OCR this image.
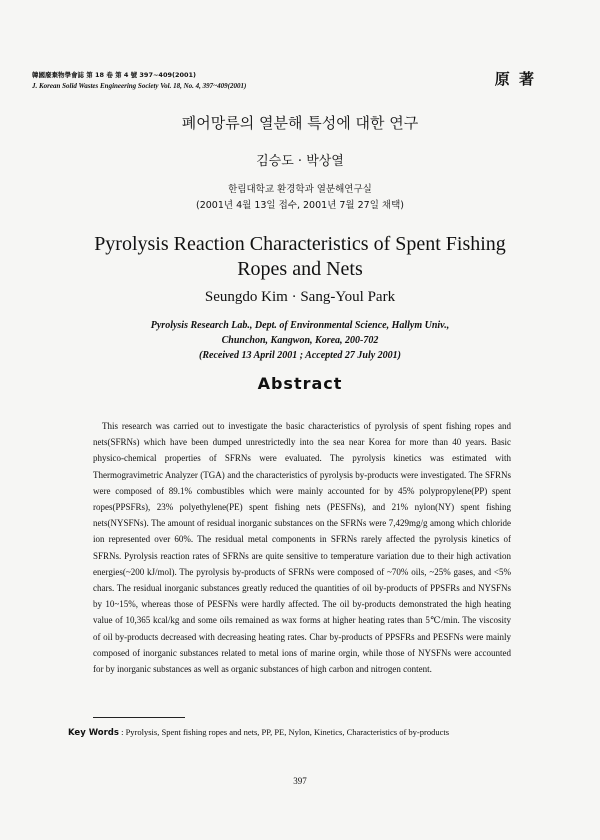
韓國廢棄物學會誌 第 18 卷 第 4 號 397~409(2001)
J. Korean Solid Wastes Engineering Society Vol. 18, No. 4, 397~409(2001)	原 著
폐어망류의 열분해 특성에 대한 연구
김승도 · 박상열
한림대학교 환경학과 열분해연구실
(2001년 4월 13일 접수, 2001년 7월 27일 채택)
Pyrolysis Reaction Characteristics of Spent Fishing
Ropes and Nets
Seungdo Kim · Sang-Youl Park
Pyrolysis Research Lab., Dept. of Environmental Science, Hallym Univ.,
Chunchon, Kangwon, Korea, 200-702
(Received 13 April 2001 ; Accepted 27 July 2001)
Abstract

This research was carried out to investigate the basic characteristics of pyrolysis of spent fishing ropes and nets(SFRNs) which have been dumped unrestrictedly into the sea near Korea for more than 40 years. Basic physico-chemical properties of SFRNs were evaluated. The pyrolysis kinetics was estimated with Thermogravimetric Analyzer (TGA) and the characteristics of pyrolysis by-products were investigated. The SFRNs were composed of 89.1% combustibles which were mainly accounted for by 45% polypropylene(PP) spent ropes(PPSFRs), 23% polyethylene(PE) spent fishing nets (PESFNs), and 21% nylon(NY) spent fishing nets(NYSFNs). The amount of residual inorganic substances on the SFRNs were 7,429mg/g among which chloride ion represented over 60%. The residual metal components in SFRNs rarely affected the pyrolysis kinetics of SFRNs. Pyrolysis reaction rates of SFRNs are quite sensitive to temperature variation due to their high activation energies(~200 kJ/mol). The pyrolysis by-products of SFRNs were composed of ~70% oils, ~25% gases, and <5% chars. The residual inorganic substances greatly reduced the quantities of oil by-products of PPSFRs and NYSFNs by 10~15%, whereas those of PESFNs were hardly affected. The oil by-products demonstrated the high heating value of 10,365 kcal/kg and some oils remained as wax forms at higher heating rates than 5℃/min. The viscosity of oil by-products decreased with decreasing heating rates. Char by-products of PPSFRs and PESFNs were mainly composed of inorganic substances related to metal ions of marine orgin, while those of NYSFNs were accounted for by inorganic substances as well as organic substances of high carbon and nitrogen content.

Key Words : Pyrolysis, Spent fishing ropes and nets, PP, PE, Nylon, Kinetics, Characteristics of by-products
397
